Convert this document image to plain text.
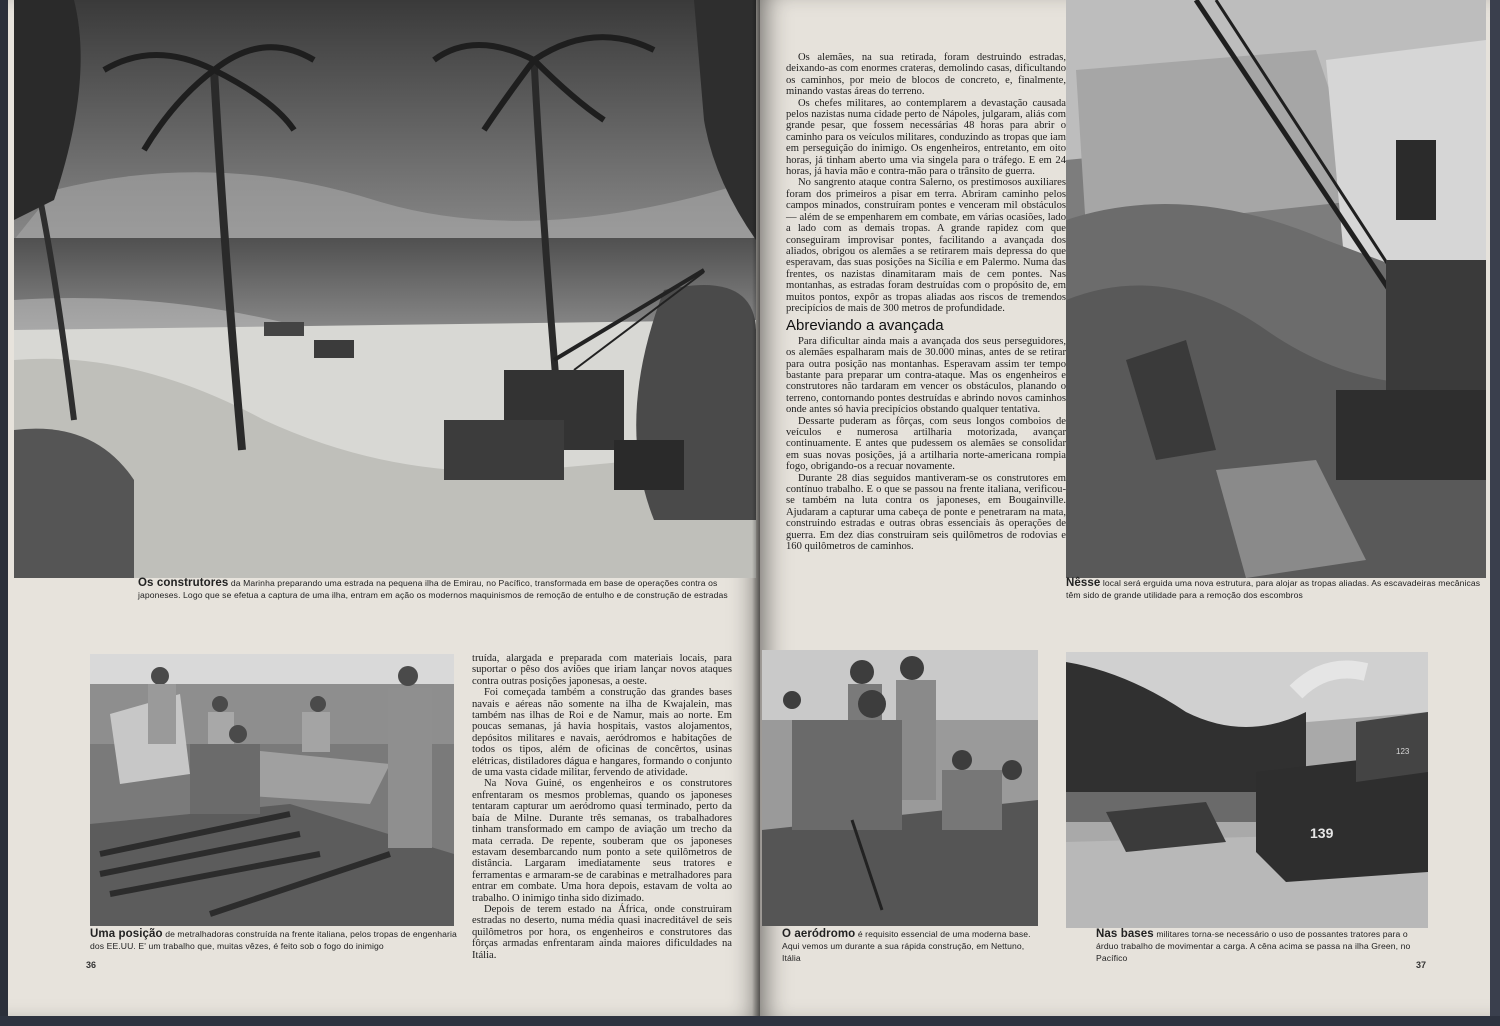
Os construtores da Marinha preparando uma estrada na pequena ilha de Emirau, no Pacífico, transformada em base de operações contra os japoneses. Logo que se efetua a captura de uma ilha, entram em ação os modernos maquinismos de remoção de entulho e de construção de estradas
Uma posição de metralhadoras construída na frente italiana, pelos tropas de engenharia dos EE.UU. E' um trabalho que, muitas vêzes, é feito sob o fogo do inimigo

truída, alargada e preparada com materiais locais, para suportar o pêso dos aviões que iriam lançar novos ataques contra outras posições japonesas, a oeste.

Foi começada também a construção das grandes bases navais e aéreas não somente na ilha de Kwajalein, mas também nas ilhas de Roi e de Namur, mais ao norte. Em poucas semanas, já havia hospitais, vastos alojamentos, depósitos militares e navais, aeródromos e habitações de todos os tipos, além de oficinas de concêrtos, usinas elétricas, distiladores dágua e hangares, formando o conjunto de uma vasta cidade militar, fervendo de atividade.

Na Nova Guiné, os engenheiros e os construtores enfrentaram os mesmos problemas, quando os japoneses tentaram capturar um aeródromo quasi terminado, perto da baía de Milne. Durante três semanas, os trabalhadores tinham transformado em campo de aviação um trecho da mata cerrada. De repente, souberam que os japoneses estavam desembarcando num ponto a sete quilômetros de distância. Largaram imediatamente seus tratores e ferramentas e armaram-se de carabinas e metralhadores para entrar em combate. Uma hora depois, estavam de volta ao trabalho. O inimigo tinha sido dizimado.

Depois de terem estado na África, onde construiram estradas no deserto, numa média quasi inacreditável de seis quilômetros por hora, os engenheiros e construtores das fôrças armadas enfrentaram ainda maiores dificuldades na Itália.

36

Os alemães, na sua retirada, foram destruindo estradas, deixando-as com enormes crateras, demolindo casas, dificultando os caminhos, por meio de blocos de concreto, e, finalmente, minando vastas áreas do terreno.

Os chefes militares, ao contemplarem a devastação causada pelos nazistas numa cidade perto de Nápoles, julgaram, aliás com grande pesar, que fossem necessárias 48 horas para abrir o caminho para os veículos militares, conduzindo as tropas que iam em perseguição do inimigo. Os engenheiros, entretanto, em oito horas, já tinham aberto uma via singela para o tráfego. E em 24 horas, já havia mão e contra-mão para o trânsito de guerra.

No sangrento ataque contra Salerno, os prestimosos auxiliares foram dos primeiros a pisar em terra. Abriram caminho pelos campos minados, construíram pontes e venceram mil obstáculos — além de se empenharem em combate, em várias ocasiões, lado a lado com as demais tropas. A grande rapidez com que conseguiram improvisar pontes, facilitando a avançada dos aliados, obrigou os alemães a se retirarem mais depressa do que esperavam, das suas posições na Sicília e em Palermo. Numa das frentes, os nazistas dinamitaram mais de cem pontes. Nas montanhas, as estradas foram destruídas com o propósito de, em muitos pontos, expôr as tropas aliadas aos riscos de tremendos precipícios de mais de 300 metros de profundidade.

Abreviando a avançada

Para dificultar ainda mais a avançada dos seus perseguidores, os alemães espalharam mais de 30.000 minas, antes de se retirar para outra posição nas montanhas. Esperavam assim ter tempo bastante para preparar um contra-ataque. Mas os engenheiros e construtores não tardaram em vencer os obstáculos, planando o terreno, contornando pontes destruídas e abrindo novos caminhos onde antes só havia precipícios obstando qualquer tentativa.

Dessarte puderam as fôrças, com seus longos comboios de veículos e numerosa artilharia motorizada, avançar continuamente. E antes que pudessem os alemães se consolidar em suas novas posições, já a artilharia norte-americana rompia fogo, obrigando-os a recuar novamente.

Durante 28 dias seguidos mantiveram-se os construtores em contínuo trabalho. E o que se passou na frente italiana, verificou-se também na luta contra os japoneses, em Bougainville. Ajudaram a capturar uma cabeça de ponte e penetraram na mata, construindo estradas e outras obras essenciais às operações de guerra. Em dez dias construiram seis quilômetros de rodovias e 160 quilômetros de caminhos.

Nêsse local será erguida uma nova estrutura, para alojar as tropas aliadas. As escavadeiras mecânicas têm sido de grande utilidade para a remoção dos escombros
O aeródromo é requisito essencial de uma moderna base. Aqui vemos um durante a sua rápida construção, em Nettuno, Itália
139
123
Nas bases militares torna-se necessário o uso de possantes tratores para o árduo trabalho de movimentar a carga. A cêna acima se passa na ilha Green, no Pacífico
37
